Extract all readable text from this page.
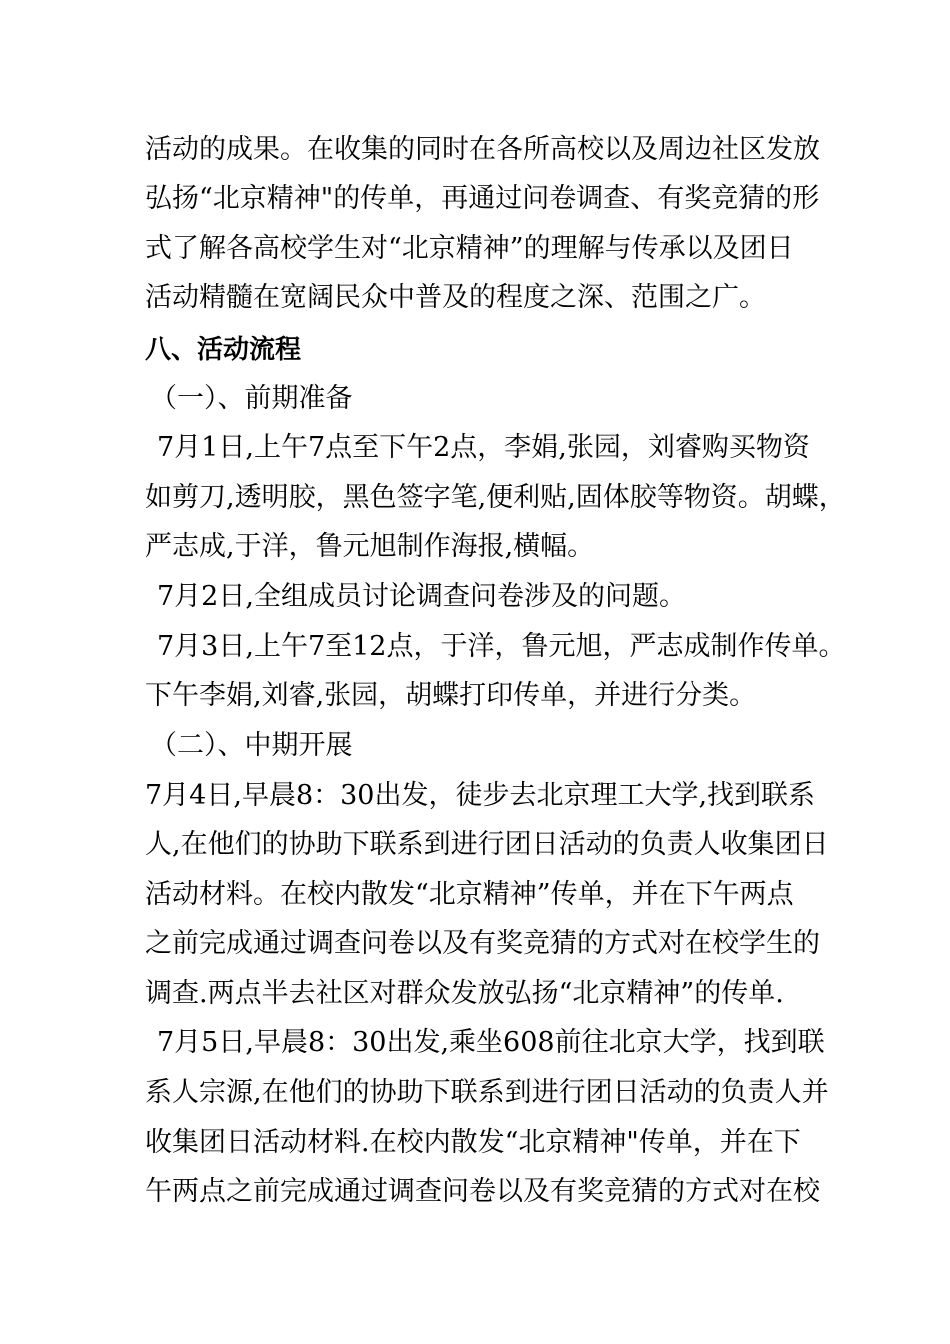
活动的成果。在收集的同时在各所高校以及周边社区发放
弘扬“北京精神"的传单，再通过问卷调查、有奖竞猜的形
式了解各高校学生对“北京精神”的理解与传承以及团日
活动精髓在宽阔民众中普及的程度之深、范围之广。
八、活动流程
（一）、前期准备
7月1日,上午7点至下午2点，李娟,张园，刘睿购买物资
如剪刀,透明胶，黑色签字笔,便利贴,固体胶等物资。胡蝶，
严志成,于洋，鲁元旭制作海报,横幅。
7月2日,全组成员讨论调查问卷涉及的问题。
7月3日,上午7至12点，于洋，鲁元旭，严志成制作传单。
下午李娟,刘睿,张园，胡蝶打印传单，并进行分类。
（二）、中期开展
7月4日,早晨8：30出发，徒步去北京理工大学,找到联系
人,在他们的协助下联系到进行团日活动的负责人收集团日
活动材料。在校内散发“北京精神”传单，并在下午两点
之前完成通过调查问卷以及有奖竞猜的方式对在校学生的
调查.两点半去社区对群众发放弘扬“北京精神”的传单.
7月5日,早晨8：30出发,乘坐608前往北京大学，找到联
系人宗源,在他们的协助下联系到进行团日活动的负责人并
收集团日活动材料.在校内散发“北京精神"传单，并在下
午两点之前完成通过调查问卷以及有奖竞猜的方式对在校
